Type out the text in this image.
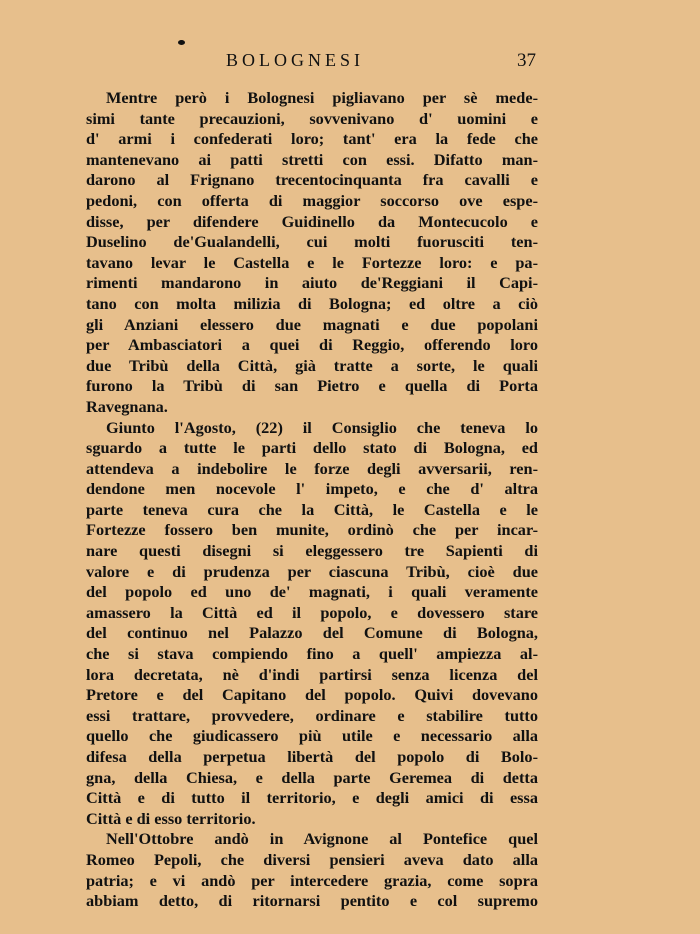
BOLOGNESI	37
Mentre però i Bolognesi pigliavano per sè mede-
simi tante precauzioni, sovvenivano d' uomini e
d' armi i confederati loro; tant' era la fede che
mantenevano ai patti stretti con essi. Difatto man-
darono al Frignano trecentocinquanta fra cavalli e
pedoni, con offerta di maggior soccorso ove espe-
disse, per difendere Guidinello da Montecucolo e
Duselino de'Gualandelli, cui molti fuorusciti ten-
tavano levar le Castella e le Fortezze loro: e pa-
rimenti mandarono in aiuto de'Reggiani il Capi-
tano con molta milizia di Bologna; ed oltre a ciò
gli Anziani elessero due magnati e due popolani
per Ambasciatori a quei di Reggio, offerendo loro
due Tribù della Città, già tratte a sorte, le quali
furono la Tribù di san Pietro e quella di Porta
Ravegnana.
Giunto l'Agosto, (22) il Consiglio che teneva lo
sguardo a tutte le parti dello stato di Bologna, ed
attendeva a indebolire le forze degli avversarii, ren-
dendone men nocevole l' impeto, e che d' altra
parte teneva cura che la Città, le Castella e le
Fortezze fossero ben munite, ordinò che per incar-
nare questi disegni si eleggessero tre Sapienti di
valore e di prudenza per ciascuna Tribù, cioè due
del popolo ed uno de' magnati, i quali veramente
amassero la Città ed il popolo, e dovessero stare
del continuo nel Palazzo del Comune di Bologna,
che si stava compiendo fino a quell' ampiezza al-
lora decretata, nè d'indi partirsi senza licenza del
Pretore e del Capitano del popolo. Quivi dovevano
essi trattare, provvedere, ordinare e stabilire tutto
quello che giudicassero più utile e necessario alla
difesa della perpetua libertà del popolo di Bolo-
gna, della Chiesa, e della parte Geremea di detta
Città e di tutto il territorio, e degli amici di essa
Città e di esso territorio.
Nell'Ottobre andò in Avignone al Pontefice quel
Romeo Pepoli, che diversi pensieri aveva dato alla
patria; e vi andò per intercedere grazia, come sopra
abbiam detto, di ritornarsi pentito e col supremo
